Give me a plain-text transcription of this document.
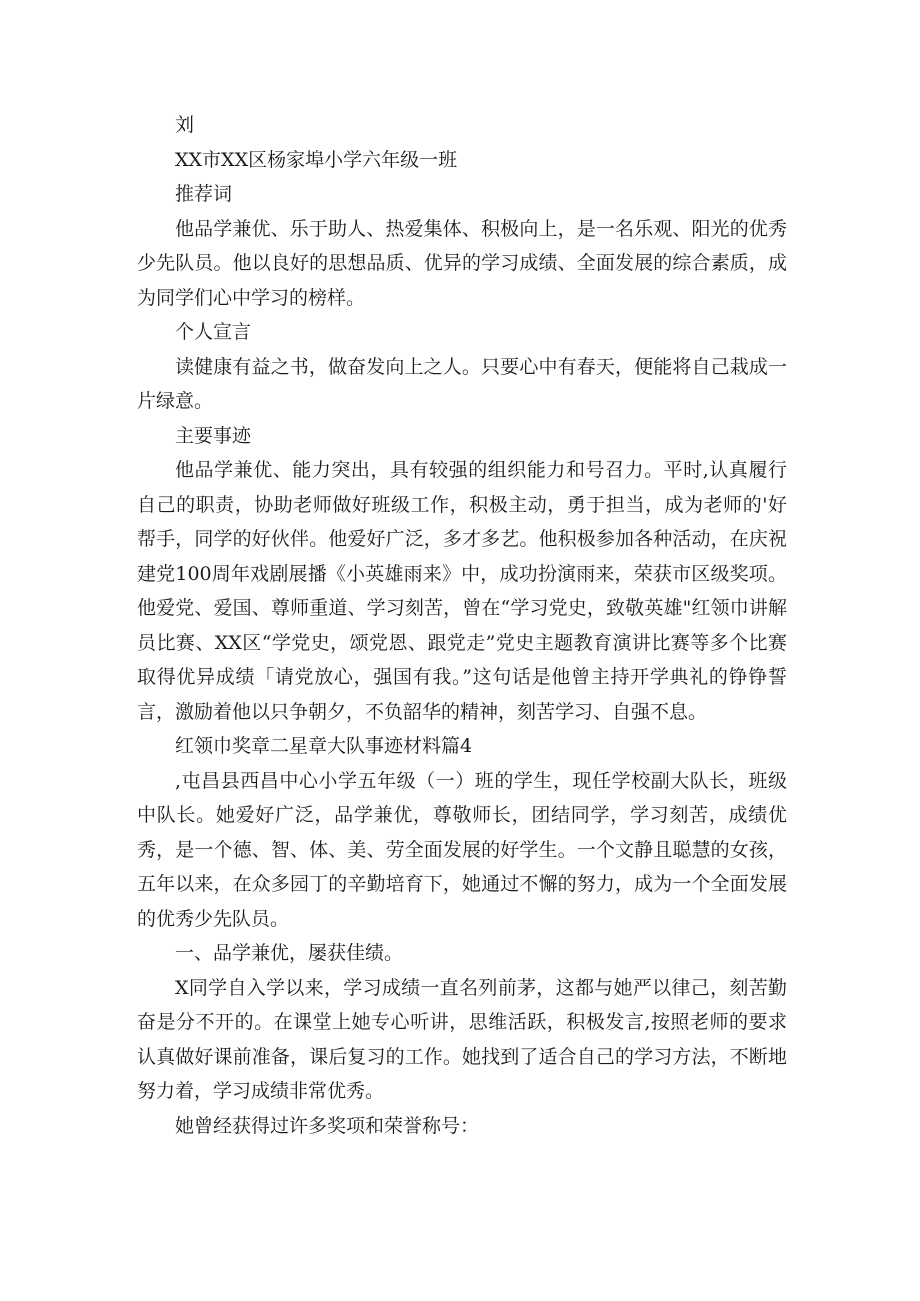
刘

XX市XX区杨家埠小学六年级一班

推荐词

他品学兼优、乐于助人、热爱集体、积极向上，是一名乐观、阳光的优秀少先队员。他以良好的思想品质、优异的学习成绩、全面发展的综合素质，成为同学们心中学习的榜样。

个人宣言

读健康有益之书，做奋发向上之人。只要心中有春天，便能将自己栽成一片绿意。

主要事迹

他品学兼优、能力突出，具有较强的组织能力和号召力。平时,认真履行自己的职责，协助老师做好班级工作，积极主动，勇于担当，成为老师的'好帮手，同学的好伙伴。他爱好广泛，多才多艺。他积极参加各种活动，在庆祝建党100周年戏剧展播《小英雄雨来》中，成功扮演雨来，荣获市区级奖项。他爱党、爱国、尊师重道、学习刻苦，曾在“学习党史，致敬英雄"红领巾讲解员比赛、XX区“学党史，颂党恩、跟党走”党史主题教育演讲比赛等多个比赛取得优异成绩「请党放心，强国有我。”这句话是他曾主持开学典礼的铮铮誓言，激励着他以只争朝夕，不负韶华的精神，刻苦学习、自强不息。

红领巾奖章二星章大队事迹材料篇4

,屯昌县西昌中心小学五年级（一）班的学生，现任学校副大队长，班级中队长。她爱好广泛，品学兼优，尊敬师长，团结同学，学习刻苦，成绩优秀，是一个德、智、体、美、劳全面发展的好学生。一个文静且聪慧的女孩，五年以来，在众多园丁的辛勤培育下，她通过不懈的努力，成为一个全面发展的优秀少先队员。

一、品学兼优，屡获佳绩。

X同学自入学以来，学习成绩一直名列前茅，这都与她严以律己，刻苦勤奋是分不开的。在课堂上她专心听讲，思维活跃，积极发言,按照老师的要求认真做好课前准备，课后复习的工作。她找到了适合自己的学习方法，不断地努力着，学习成绩非常优秀。

她曾经获得过许多奖项和荣誉称号：
